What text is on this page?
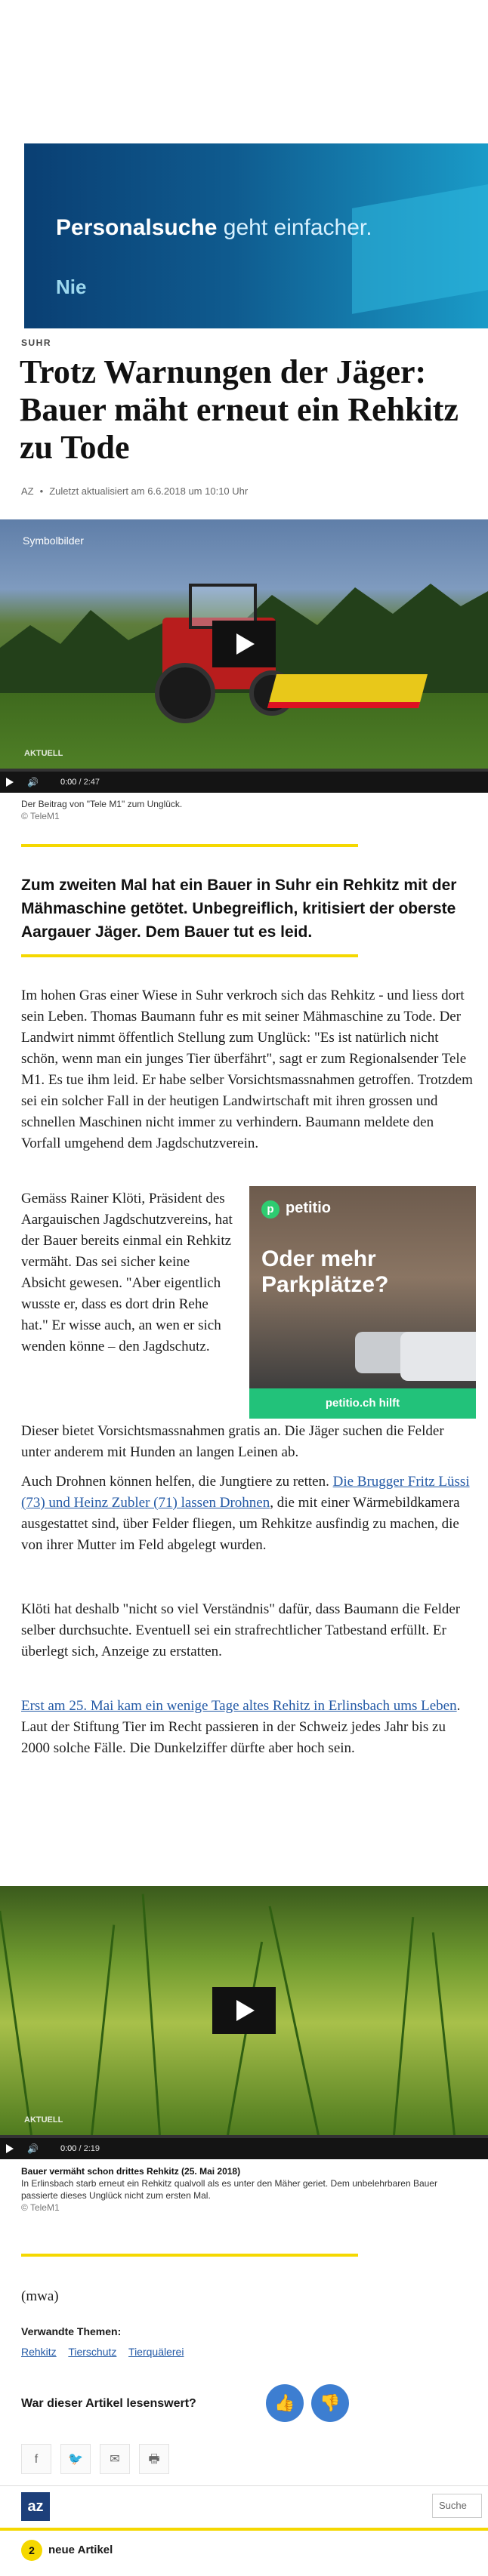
Personalsuche geht einfacher.
Nie
SUHR
Trotz Warnungen der Jäger: Bauer mäht erneut ein Rehkitz zu Tode
AZ • Zuletzt aktualisiert am 6.6.2018 um 10:10 Uhr
Symbolbilder
AKTUELL
🔊	0:00 / 2:47
Der Beitrag von "Tele M1" zum Unglück.
© TeleM1

Zum zweiten Mal hat ein Bauer in Suhr ein Rehkitz mit der Mähmaschine getötet. Unbegreiflich, kritisiert der oberste Aargauer Jäger. Dem Bauer tut es leid.

Im hohen Gras einer Wiese in Suhr verkroch sich das Rehkitz - und liess dort sein Leben. Thomas Baumann fuhr es mit seiner Mähmaschine zu Tode. Der Landwirt nimmt öffentlich Stellung zum Unglück: "Es ist natürlich nicht schön, wenn man ein junges Tier überfährt", sagt er zum Regionalsender Tele M1. Es tue ihm leid. Er habe selber Vorsichtsmassnahmen getroffen. Trotzdem sei ein solcher Fall in der heutigen Landwirtschaft mit ihren grossen und schnellen Maschinen nicht immer zu verhindern. Baumann meldete den Vorfall umgehend dem Jagdschutzverein.

Gemäss Rainer Klöti, Präsident des Aargauischen Jagdschutzvereins, hat der Bauer bereits einmal ein Rehkitz vermäht. Das sei sicher keine Absicht gewesen. "Aber eigentlich wusste er, dass es dort drin Rehe hat." Er wisse auch, an wen er sich wenden könne – den Jagdschutz.

Dieser bietet Vorsichtsmassnahmen gratis an. Die Jäger suchen die Felder unter anderem mit Hunden an langen Leinen ab.

p petitio
Oder mehr Parkplätze?
petitio.ch hilft

Auch Drohnen können helfen, die Jungtiere zu retten. Die Brugger Fritz Lüssi (73) und Heinz Zubler (71) lassen Drohnen, die mit einer Wärmebildkamera ausgestattet sind, über Felder fliegen, um Rehkitze ausfindig zu machen, die von ihrer Mutter im Feld abgelegt wurden.

Klöti hat deshalb "nicht so viel Verständnis" dafür, dass Baumann die Felder selber durchsuchte. Eventuell sei ein strafrechtlicher Tatbestand erfüllt. Er überlegt sich, Anzeige zu erstatten.

Erst am 25. Mai kam ein wenige Tage altes Rehitz in Erlinsbach ums Leben. Laut der Stiftung Tier im Recht passieren in der Schweiz jedes Jahr bis zu 2000 solche Fälle. Die Dunkelziffer dürfte aber hoch sein.

AKTUELL
🔊	0:00 / 2:19
Bauer vermäht schon drittes Rehkitz (25. Mai 2018)
In Erlinsbach starb erneut ein Rehkitz qualvoll als es unter den Mäher geriet. Dem unbelehrbaren Bauer passierte dieses Unglück nicht zum ersten Mal.
© TeleM1
(mwa)
Verwandte Themen:
Rehkitz Tierschutz Tierquälerei
War dieser Artikel lesenswert?	👍	👎
f	🐦	✉	🖶
az	Suche
2	neue Artikel
